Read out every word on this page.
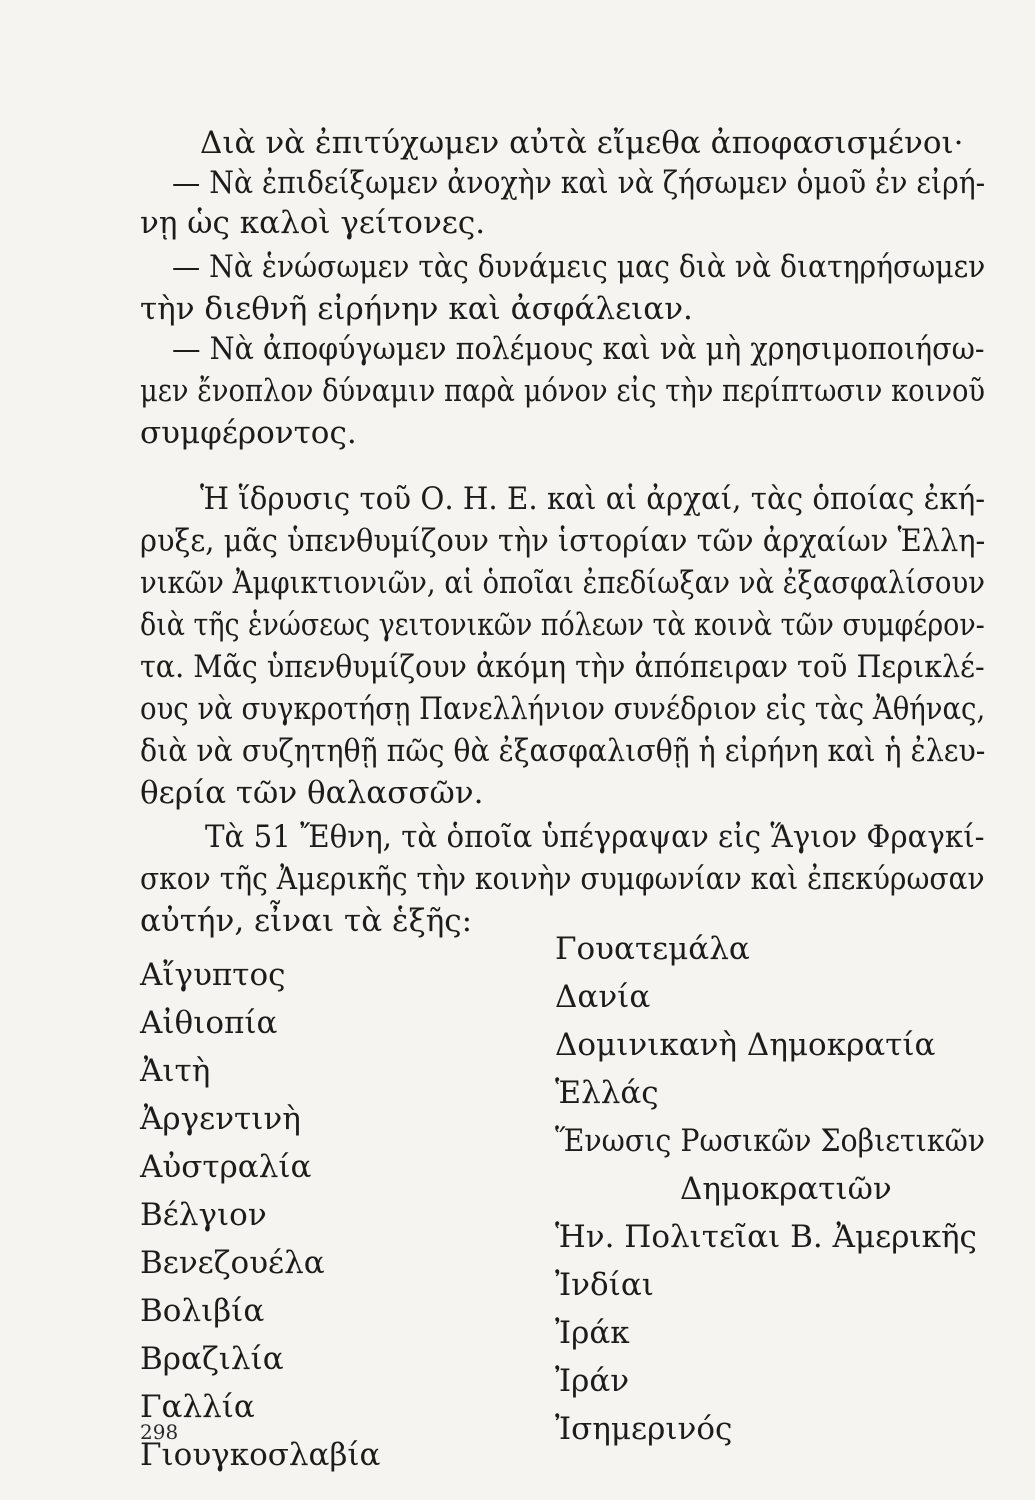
Διὰ νὰ ἐπιτύχωμεν αὐτὰ εἴμεθα ἀποφασισμένοι·
— Νὰ ἐπιδείξωμεν ἀνοχὴν καὶ νὰ ζήσωμεν ὁμοῦ ἐν εἰρή-
νῃ ὡς καλοὶ γείτονες.
— Νὰ ἑνώσωμεν τὰς δυνάμεις μας διὰ νὰ διατηρήσωμεν
τὴν διεθνῆ εἰρήνην καὶ ἀσφάλειαν.
— Νὰ ἀποφύγωμεν πολέμους καὶ νὰ μὴ χρησιμοποιήσω-
μεν ἔνοπλον δύναμιν παρὰ μόνον εἰς τὴν περίπτωσιν κοινοῦ
συμφέροντος.
Ἡ ἵδρυσις τοῦ Ο. Η. Ε. καὶ αἱ ἀρχαί, τὰς ὁποίας ἐκή-
ρυξε, μᾶς ὑπενθυμίζουν τὴν ἱστορίαν τῶν ἀρχαίων Ἑλλη-
νικῶν Ἀμφικτιονιῶν, αἱ ὁποῖαι ἐπεδίωξαν νὰ ἐξασφαλίσουν
διὰ τῆς ἑνώσεως γειτονικῶν πόλεων τὰ κοινὰ τῶν συμφέρον-
τα. Μᾶς ὑπενθυμίζουν ἀκόμη τὴν ἀπόπειραν τοῦ Περικλέ-
ους νὰ συγκροτήσῃ Πανελλήνιον συνέδριον εἰς τὰς Ἀθήνας,
διὰ νὰ συζητηθῇ πῶς θὰ ἐξασφαλισθῇ ἡ εἰρήνη καὶ ἡ ἐλευ-
θερία τῶν θαλασσῶν.
Τὰ 51 Ἔθνη, τὰ ὁποῖα ὑπέγραψαν εἰς Ἅγιον Φραγκί-
σκον τῆς Ἀμερικῆς τὴν κοινὴν συμφωνίαν καὶ ἐπεκύρωσαν
αὐτήν, εἶναι τὰ ἑξῆς:
Αἴγυπτος
Αἰθιοπία
Ἀιτὴ
Ἀργεντινὴ
Αὐστραλία
Βέλγιον
Βενεζουέλα
Βολιβία
Βραζιλία
Γαλλία
Γιουγκοσλαβία
Γουατεμάλα
Δανία
Δομινικανὴ Δημοκρατία
Ἑλλάς
Ἕνωσις Ρωσικῶν Σοβιετικῶν
Δημοκρατιῶν
Ἡν. Πολιτεῖαι Β. Ἀμερικῆς
Ἰνδίαι
Ἰράκ
Ἰράν
Ἰσημερινός
298
